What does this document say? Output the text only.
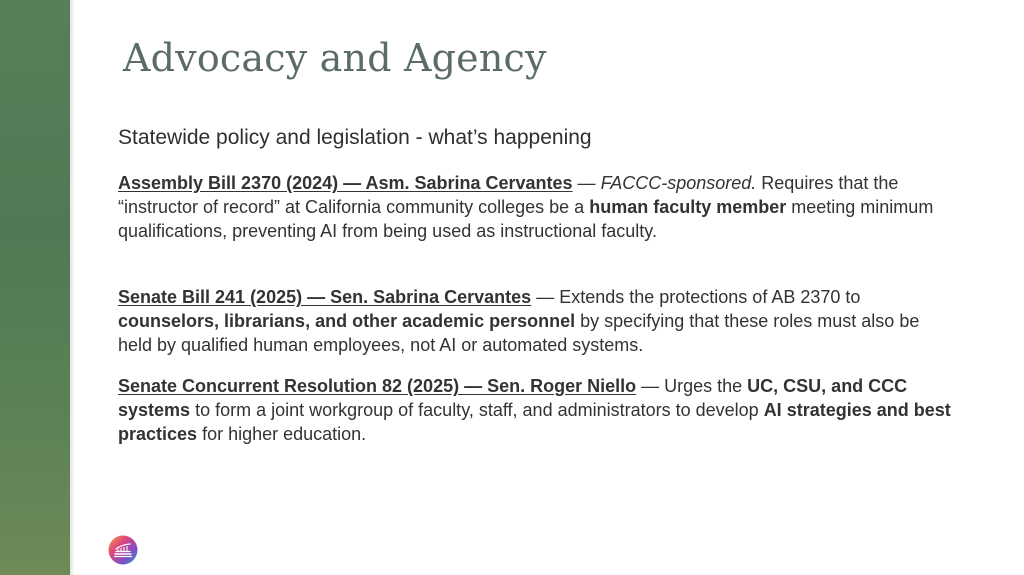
Advocacy and Agency

Statewide policy and legislation - what’s happening

Assembly Bill 2370 (2024) — Asm. Sabrina Cervantes — FACCC-sponsored. Requires that the “instructor of record” at California community colleges be a human faculty member meeting minimum qualifications, preventing AI from being used as instructional faculty.

Senate Bill 241 (2025) — Sen. Sabrina Cervantes — Extends the protections of AB 2370 to counselors, librarians, and other academic personnel by specifying that these roles must also be held by qualified human employees, not AI or automated systems.

Senate Concurrent Resolution 82 (2025) — Sen. Roger Niello — Urges the UC, CSU, and CCC systems to form a joint workgroup of faculty, staff, and administrators to develop AI strategies and best practices for higher education.
